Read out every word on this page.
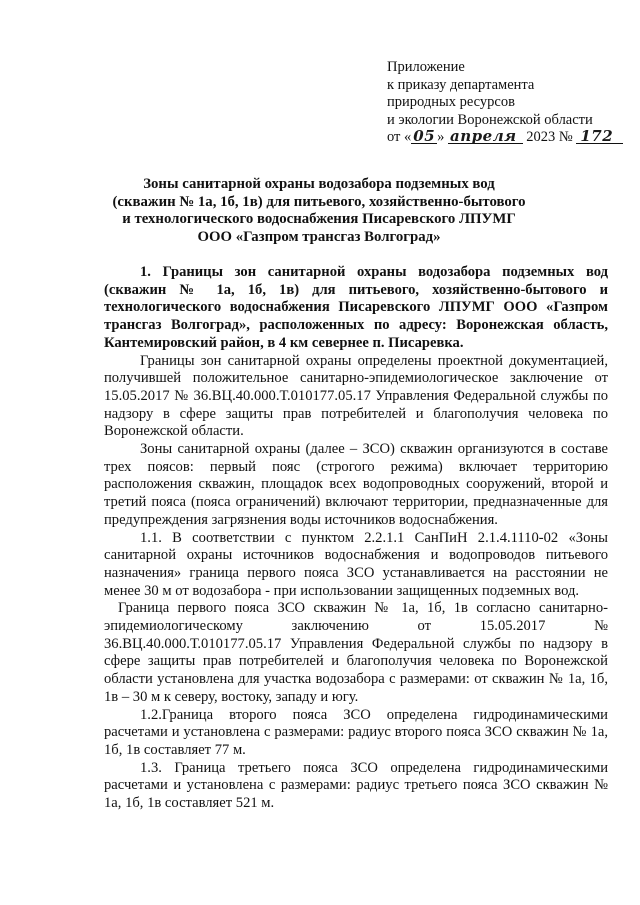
Приложение
к приказу департамента
природных ресурсов
и экологии Воронежской области
от « 05 » апреля 2023 № 172
Зоны санитарной охраны водозабора подземных вод (скважин № 1а, 1б, 1в) для питьевого, хозяйственно-бытового и технологического водоснабжения Писаревского ЛПУМГ ООО «Газпром трансгаз Волгоград»

1. Границы зон санитарной охраны водозабора подземных вод (скважин № 1а, 1б, 1в) для питьевого, хозяйственно-бытового и технологического водоснабжения Писаревского ЛПУМГ ООО «Газпром трансгаз Волгоград», расположенных по адресу: Воронежская область, Кантемировский район, в 4 км севернее п. Писаревка.

Границы зон санитарной охраны определены проектной документацией, получившей положительное санитарно-эпидемиологическое заключение от 15.05.2017 № 36.ВЦ.40.000.Т.010177.05.17 Управления Федеральной службы по надзору в сфере защиты прав потребителей и благополучия человека по Воронежской области.

Зоны санитарной охраны (далее – ЗСО) скважин организуются в составе трех поясов: первый пояс (строгого режима) включает территорию расположения скважин, площадок всех водопроводных сооружений, второй и третий пояса (пояса ограничений) включают территории, предназначенные для предупреждения загрязнения воды источников водоснабжения.

1.1. В соответствии с пунктом 2.2.1.1 СанПиН 2.1.4.1110-02 «Зоны санитарной охраны источников водоснабжения и водопроводов питьевого назначения» граница первого пояса ЗСО устанавливается на расстоянии не менее 30 м от водозабора - при использовании защищенных подземных вод.

Граница первого пояса ЗСО скважин № 1а, 1б, 1в согласно санитарно-эпидемиологическому заключению от 15.05.2017 № 36.ВЦ.40.000.Т.010177.05.17 Управления Федеральной службы по надзору в сфере защиты прав потребителей и благополучия человека по Воронежской области установлена для участка водозабора с размерами: от скважин № 1а, 1б, 1в – 30 м к северу, востоку, западу и югу.

1.2.Граница второго пояса ЗСО определена гидродинамическими расчетами и установлена с размерами: радиус второго пояса ЗСО скважин № 1а, 1б, 1в составляет 77 м.

1.3. Граница третьего пояса ЗСО определена гидродинамическими расчетами и установлена с размерами: радиус третьего пояса ЗСО скважин № 1а, 1б, 1в составляет 521 м.
